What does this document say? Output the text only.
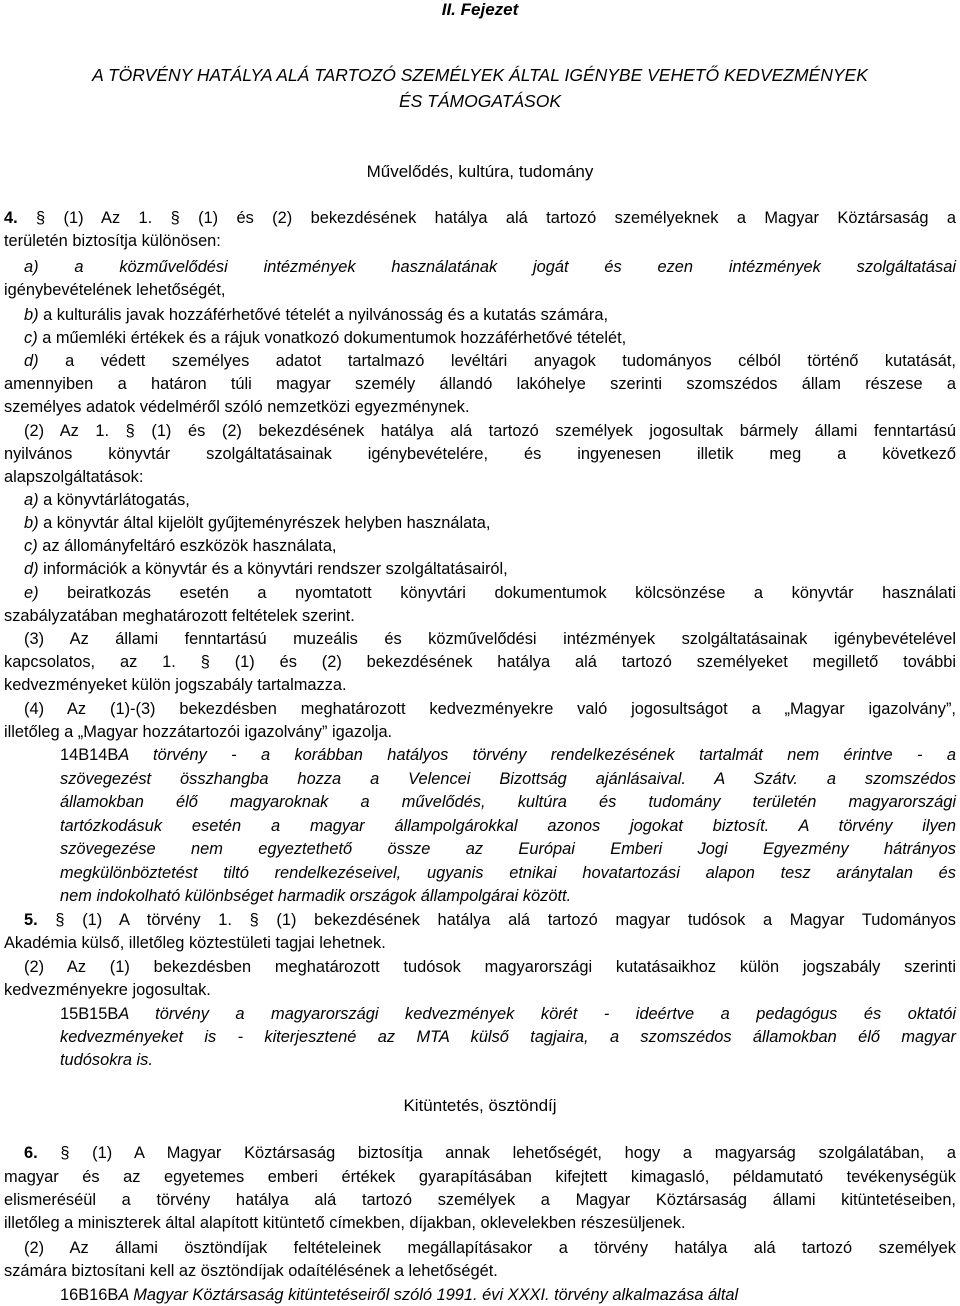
II. Fejezet
A TÖRVÉNY HATÁLYA ALÁ TARTOZÓ SZEMÉLYEK ÁLTAL IGÉNYBE VEHETŐ KEDVEZMÉNYEK
ÉS TÁMOGATÁSOK
Művelődés, kultúra, tudomány
4. § (1) Az 1. § (1) és (2) bekezdésének hatálya alá tartozó személyeknek a Magyar Köztársaság a
területén biztosítja különösen:
a) a közművelődési intézmények használatának jogát és ezen intézmények szolgáltatásai
igénybevételének lehetőségét,
b) a kulturális javak hozzáférhetővé tételét a nyilvánosság és a kutatás számára,
c) a műemléki értékek és a rájuk vonatkozó dokumentumok hozzáférhetővé tételét,
d) a védett személyes adatot tartalmazó levéltári anyagok tudományos célból történő kutatását,
amennyiben a határon túli magyar személy állandó lakóhelye szerinti szomszédos állam részese a
személyes adatok védelméről szóló nemzetközi egyezménynek.
(2) Az 1. § (1) és (2) bekezdésének hatálya alá tartozó személyek jogosultak bármely állami fenntartású
nyilvános könyvtár szolgáltatásainak igénybevételére, és ingyenesen illetik meg a következő
alapszolgáltatások:
a) a könyvtárlátogatás,
b) a könyvtár által kijelölt gyűjteményrészek helyben használata,
c) az állományfeltáró eszközök használata,
d) információk a könyvtár és a könyvtári rendszer szolgáltatásairól,
e) beiratkozás esetén a nyomtatott könyvtári dokumentumok kölcsönzése a könyvtár használati
szabályzatában meghatározott feltételek szerint.
(3) Az állami fenntartású muzeális és közművelődési intézmények szolgáltatásainak igénybevételével
kapcsolatos, az 1. § (1) és (2) bekezdésének hatálya alá tartozó személyeket megillető további
kedvezményeket külön jogszabály tartalmazza.
(4) Az (1)-(3) bekezdésben meghatározott kedvezményekre való jogosultságot a „Magyar igazolvány”,
illetőleg a „Magyar hozzátartozói igazolvány” igazolja.
14B14BA törvény - a korábban hatályos törvény rendelkezésének tartalmát nem érintve - a
szövegezést összhangba hozza a Velencei Bizottság ajánlásaival. A Szátv. a szomszédos
államokban élő magyaroknak a művelődés, kultúra és tudomány területén magyarországi
tartózkodásuk esetén a magyar állampolgárokkal azonos jogokat biztosít. A törvény ilyen
szövegezése nem egyeztethető össze az Európai Emberi Jogi Egyezmény hátrányos
megkülönböztetést tiltó rendelkezéseivel, ugyanis etnikai hovatartozási alapon tesz aránytalan és
nem indokolható különbséget harmadik országok állampolgárai között.
5. § (1) A törvény 1. § (1) bekezdésének hatálya alá tartozó magyar tudósok a Magyar Tudományos
Akadémia külső, illetőleg köztestületi tagjai lehetnek.
(2) Az (1) bekezdésben meghatározott tudósok magyarországi kutatásaikhoz külön jogszabály szerinti
kedvezményekre jogosultak.
15B15BA törvény a magyarországi kedvezmények körét - ideértve a pedagógus és oktatói
kedvezményeket is - kiterjesztené az MTA külső tagjaira, a szomszédos államokban élő magyar
tudósokra is.
6. § (1) A Magyar Köztársaság biztosítja annak lehetőségét, hogy a magyarság szolgálatában, a
magyar és az egyetemes emberi értékek gyarapításában kifejtett kimagasló, példamutató tevékenységük
elismeréséül a törvény hatálya alá tartozó személyek a Magyar Köztársaság állami kitüntetéseiben,
illetőleg a miniszterek által alapított kitüntető címekben, díjakban, oklevelekben részesüljenek.
(2) Az állami ösztöndíjak feltételeinek megállapításakor a törvény hatálya alá tartozó személyek
számára biztosítani kell az ösztöndíjak odaítélésének a lehetőségét.
16B16BA Magyar Köztársaság kitüntetéseiről szóló 1991. évi XXXI. törvény alkalmazása által
Kitüntetés, ösztöndíj
